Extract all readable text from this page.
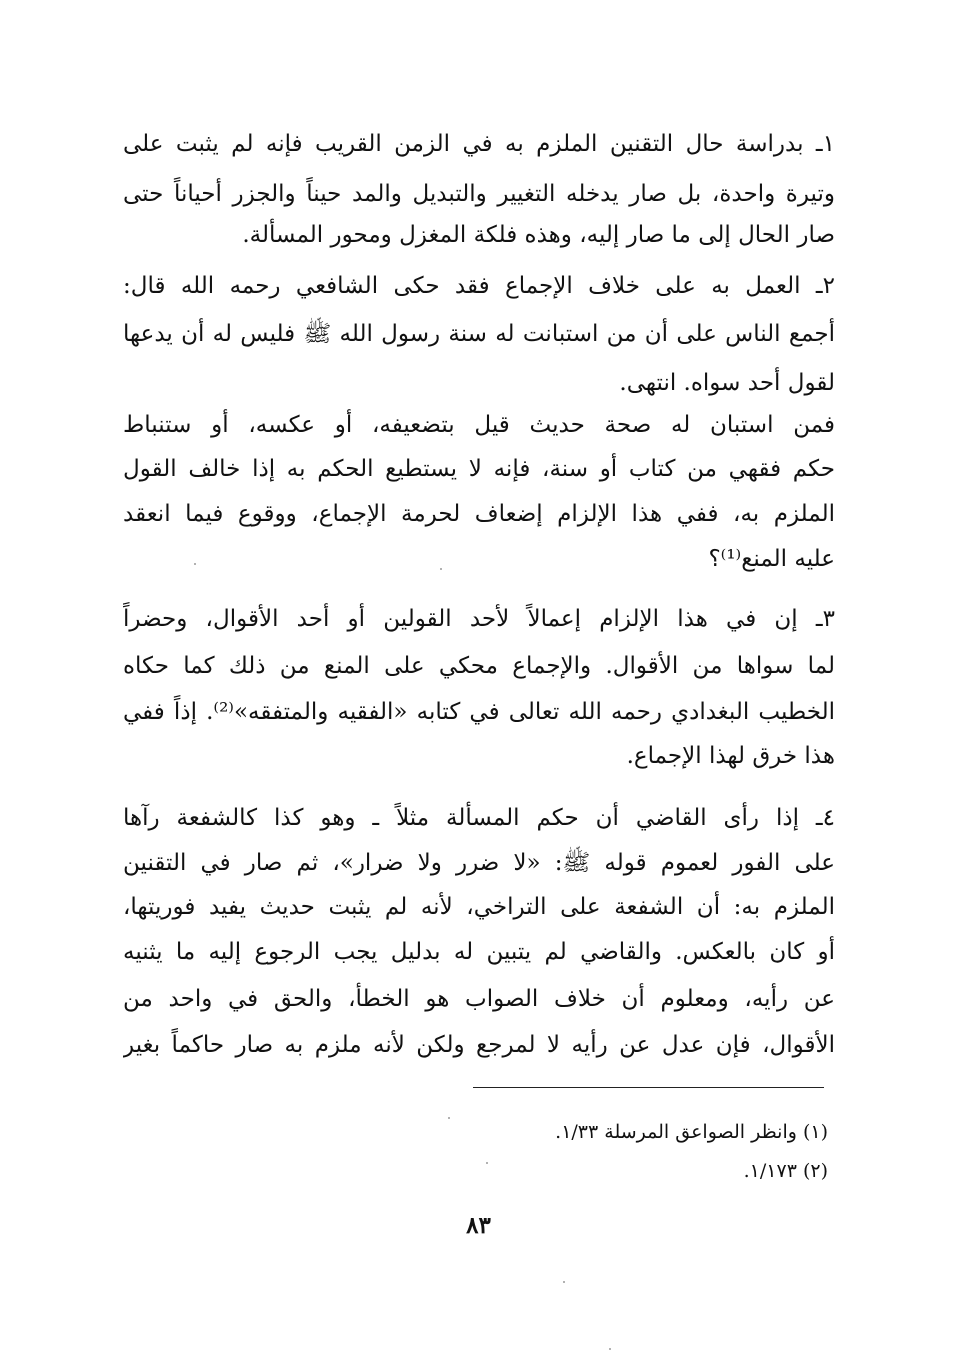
١ـ بدراسة حال التقنين الملزم به في الزمن القريب فإنه لم يثبت على
وتيرة واحدة، بل صار يدخله التغيير والتبديل والمد حيناً والجزر أحياناً حتى
صار الحال إلى ما صار إليه، وهذه فلكة المغزل ومحور المسألة.
٢ـ العمل به على خلاف الإجماع فقد حكى الشافعي رحمه الله قال:
أجمع الناس على أن من استبانت له سنة رسول الله ﷺ فليس له أن يدعها
لقول أحد سواه. انتهى.
فمن استبان له صحة حديث قيل بتضعيفه، أو عكسه، أو ستنباط
حكم فقهي من كتاب أو سنة، فإنه لا يستطيع الحكم به إذا خالف القول
الملزم به، ففي هذا الإلزام إضعاف لحرمة الإجماع، ووقوع فيما انعقد
عليه المنع⁽¹⁾؟
٣ـ إن في هذا الإلزام إعمالاً لأحد القولين أو أحد الأقوال، وحضراً
لما سواها من الأقوال. والإجماع محكي على المنع من ذلك كما حكاه
الخطيب البغدادي رحمه الله تعالى في كتابه «الفقيه والمتفقه»⁽²⁾. إذاً ففي
هذا خرق لهذا الإجماع.
٤ـ إذا رأى القاضي أن حكم المسألة مثلاً ـ وهو كذا كالشفعة رآها
على الفور لعموم قوله ﷺ: «لا ضرر ولا ضرار»، ثم صار في التقنين
الملزم به: أن الشفعة على التراخي، لأنه لم يثبت حديث يفيد فوريتها،
أو كان بالعكس. والقاضي لم يتبين له بدليل يجب الرجوع إليه ما يثنيه
عن رأيه، ومعلوم أن خلاف الصواب هو الخطأ، والحق في واحد من
الأقوال، فإن عدل عن رأيه لا لمرجع ولكن لأنه ملزم به صار حاكماً بغير
(١) وانظر الصواعق المرسلة ١/٣٣.
(٢) ١/١٧٣.
٨٣
